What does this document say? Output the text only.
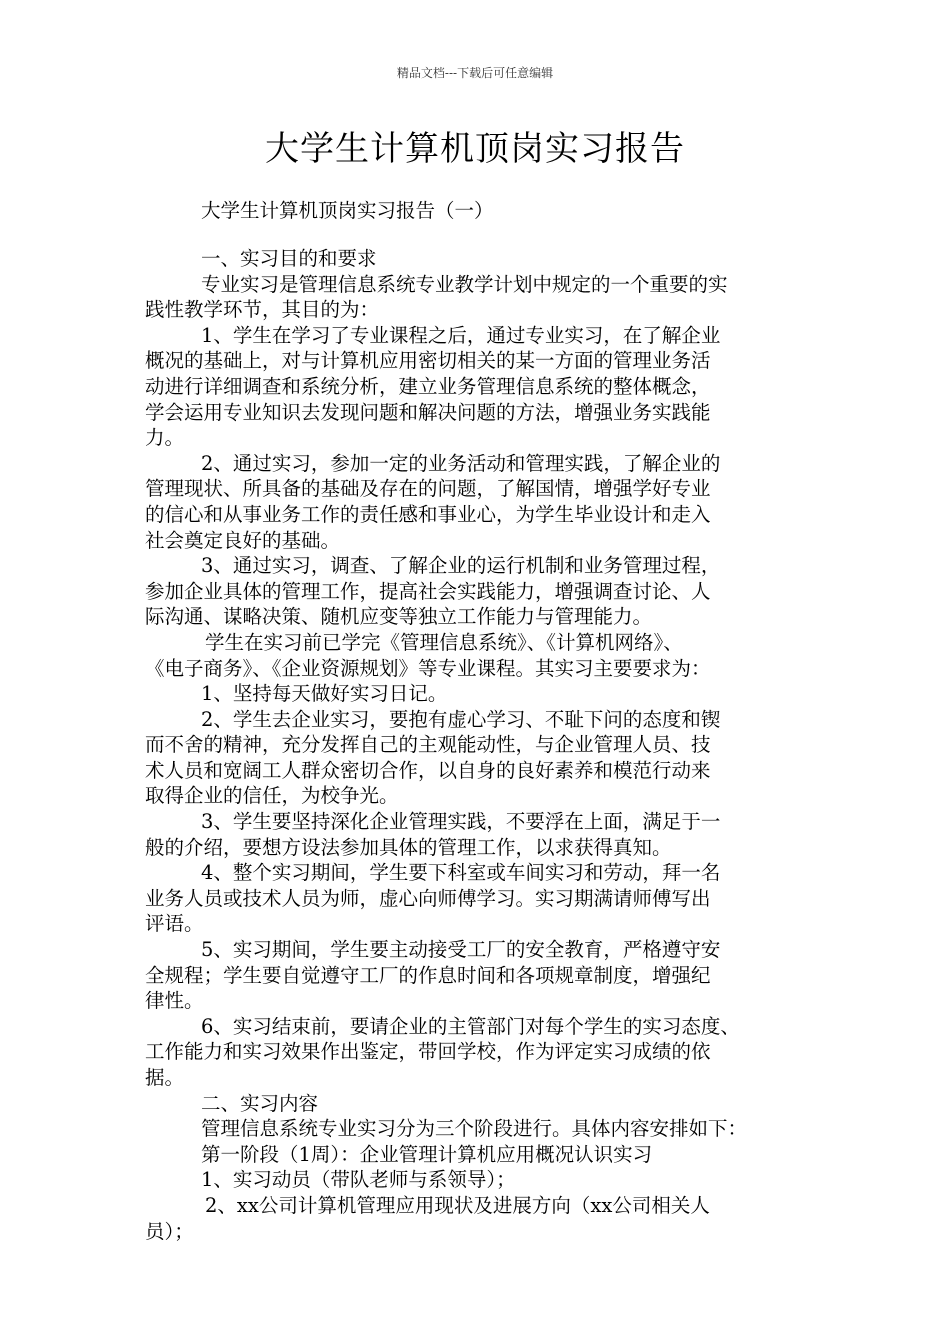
精品文档---下载后可任意编辑
大学生计算机顶岗实习报告
大学生计算机顶岗实习报告（一）
一、实习目的和要求
专业实习是管理信息系统专业教学计划中规定的一个重要的实
践性教学环节，其目的为：
1、学生在学习了专业课程之后，通过专业实习，在了解企业
概况的基础上，对与计算机应用密切相关的某一方面的管理业务活
动进行详细调查和系统分析，建立业务管理信息系统的整体概念，
学会运用专业知识去发现问题和解决问题的方法，增强业务实践能
力。
2、通过实习，参加一定的业务活动和管理实践，了解企业的
管理现状、所具备的基础及存在的问题，了解国情，增强学好专业
的信心和从事业务工作的责任感和事业心，为学生毕业设计和走入
社会奠定良好的基础。
3、通过实习，调查、了解企业的运行机制和业务管理过程，
参加企业具体的管理工作，提高社会实践能力，增强调查讨论、人
际沟通、谋略决策、随机应变等独立工作能力与管理能力。
学生在实习前已学完《管理信息系统》、《计算机网络》、
《电子商务》、《企业资源规划》等专业课程。其实习主要要求为：
1、坚持每天做好实习日记。
2、学生去企业实习，要抱有虚心学习、不耻下问的态度和锲
而不舍的精神，充分发挥自己的主观能动性，与企业管理人员、技
术人员和宽阔工人群众密切合作，以自身的良好素养和模范行动来
取得企业的信任，为校争光。
3、学生要坚持深化企业管理实践，不要浮在上面，满足于一
般的介绍，要想方设法参加具体的管理工作，以求获得真知。
4、整个实习期间，学生要下科室或车间实习和劳动，拜一名
业务人员或技术人员为师，虚心向师傅学习。实习期满请师傅写出
评语。
5、实习期间，学生要主动接受工厂的安全教育，严格遵守安
全规程；学生要自觉遵守工厂的作息时间和各项规章制度，增强纪
律性。
6、实习结束前，要请企业的主管部门对每个学生的实习态度、
工作能力和实习效果作出鉴定，带回学校，作为评定实习成绩的依
据。
二、实习内容
管理信息系统专业实习分为三个阶段进行。具体内容安排如下：
第一阶段（1周）：企业管理计算机应用概况认识实习
1、实习动员（带队老师与系领导）；
2、xx公司计算机管理应用现状及进展方向（xx公司相关人
员）；
